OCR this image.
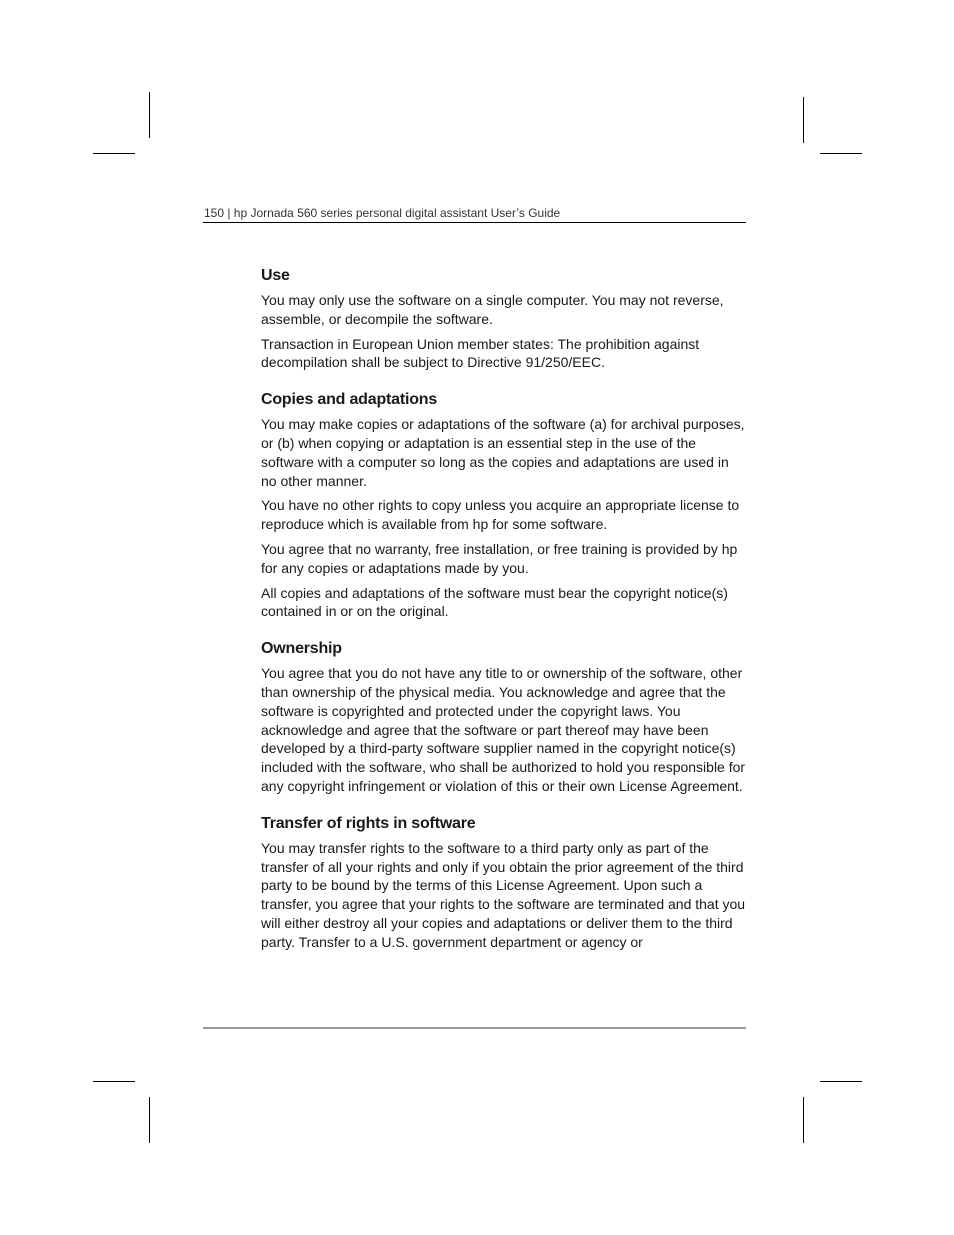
150 | hp Jornada 560 series personal digital assistant User’s Guide
Use

You may only use the software on a single computer. You may not reverse, assemble, or decompile the software.

Transaction in European Union member states: The prohibition against decompilation shall be subject to Directive 91/250/EEC.

Copies and adaptations

You may make copies or adaptations of the software (a) for archival purposes, or (b) when copying or adaptation is an essential step in the use of the software with a computer so long as the copies and adaptations are used in no other manner.

You have no other rights to copy unless you acquire an appropriate license to reproduce which is available from hp for some software.

You agree that no warranty, free installation, or free training is provided by hp for any copies or adaptations made by you.

All copies and adaptations of the software must bear the copyright notice(s) contained in or on the original.

Ownership

You agree that you do not have any title to or ownership of the software, other than ownership of the physical media. You acknowledge and agree that the software is copyrighted and protected under the copyright laws. You acknowledge and agree that the software or part thereof may have been developed by a third-party software supplier named in the copyright notice(s) included with the software, who shall be authorized to hold you responsible for any copyright infringement or violation of this or their own License Agreement.

Transfer of rights in software

You may transfer rights to the software to a third party only as part of the transfer of all your rights and only if you obtain the prior agreement of the third party to be bound by the terms of this License Agreement. Upon such a transfer, you agree that your rights to the software are terminated and that you will either destroy all your copies and adaptations or deliver them to the third party. Transfer to a U.S. government department or agency or
